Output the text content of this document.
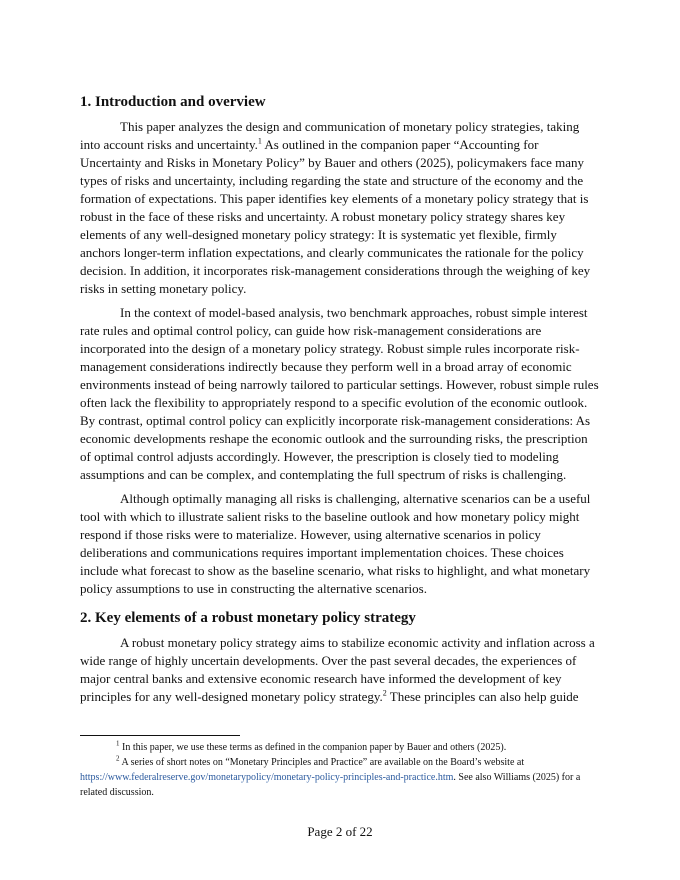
1. Introduction and overview

This paper analyzes the design and communication of monetary policy strategies, taking into account risks and uncertainty.$^1$ As outlined in the companion paper “Accounting for Uncertainty and Risks in Monetary Policy” by Bauer and others (2025), policymakers face many types of risks and uncertainty, including regarding the state and structure of the economy and the formation of expectations. This paper identifies key elements of a monetary policy strategy that is robust in the face of these risks and uncertainty. A robust monetary policy strategy shares key elements of any well-designed monetary policy strategy: It is systematic yet flexible, firmly anchors longer-term inflation expectations, and clearly communicates the rationale for the policy decision. In addition, it incorporates risk-management considerations through the weighing of key risks in setting monetary policy.

In the context of model-based analysis, two benchmark approaches, robust simple interest rate rules and optimal control policy, can guide how risk-management considerations are incorporated into the design of a monetary policy strategy. Robust simple rules incorporate risk-management considerations indirectly because they perform well in a broad array of economic environments instead of being narrowly tailored to particular settings. However, robust simple rules often lack the flexibility to appropriately respond to a specific evolution of the economic outlook. By contrast, optimal control policy can explicitly incorporate risk-management considerations: As economic developments reshape the economic outlook and the surrounding risks, the prescription of optimal control adjusts accordingly. However, the prescription is closely tied to modeling assumptions and can be complex, and contemplating the full spectrum of risks is challenging.

Although optimally managing all risks is challenging, alternative scenarios can be a useful tool with which to illustrate salient risks to the baseline outlook and how monetary policy might respond if those risks were to materialize. However, using alternative scenarios in policy deliberations and communications requires important implementation choices. These choices include what forecast to show as the baseline scenario, what risks to highlight, and what monetary policy assumptions to use in constructing the alternative scenarios.

2. Key elements of a robust monetary policy strategy

A robust monetary policy strategy aims to stabilize economic activity and inflation across a wide range of highly uncertain developments. Over the past several decades, the experiences of major central banks and extensive economic research have informed the development of key principles for any well-designed monetary policy strategy.$^2$ These principles can also help guide

$^1$ In this paper, we use these terms as defined in the companion paper by Bauer and others (2025).

$^2$ A series of short notes on “Monetary Principles and Practice” are available on the Board’s website at https://www.federalreserve.gov/monetarypolicy/monetary-policy-principles-and-practice.htm. See also Williams (2025) for a related discussion.

Page 2 of 22
